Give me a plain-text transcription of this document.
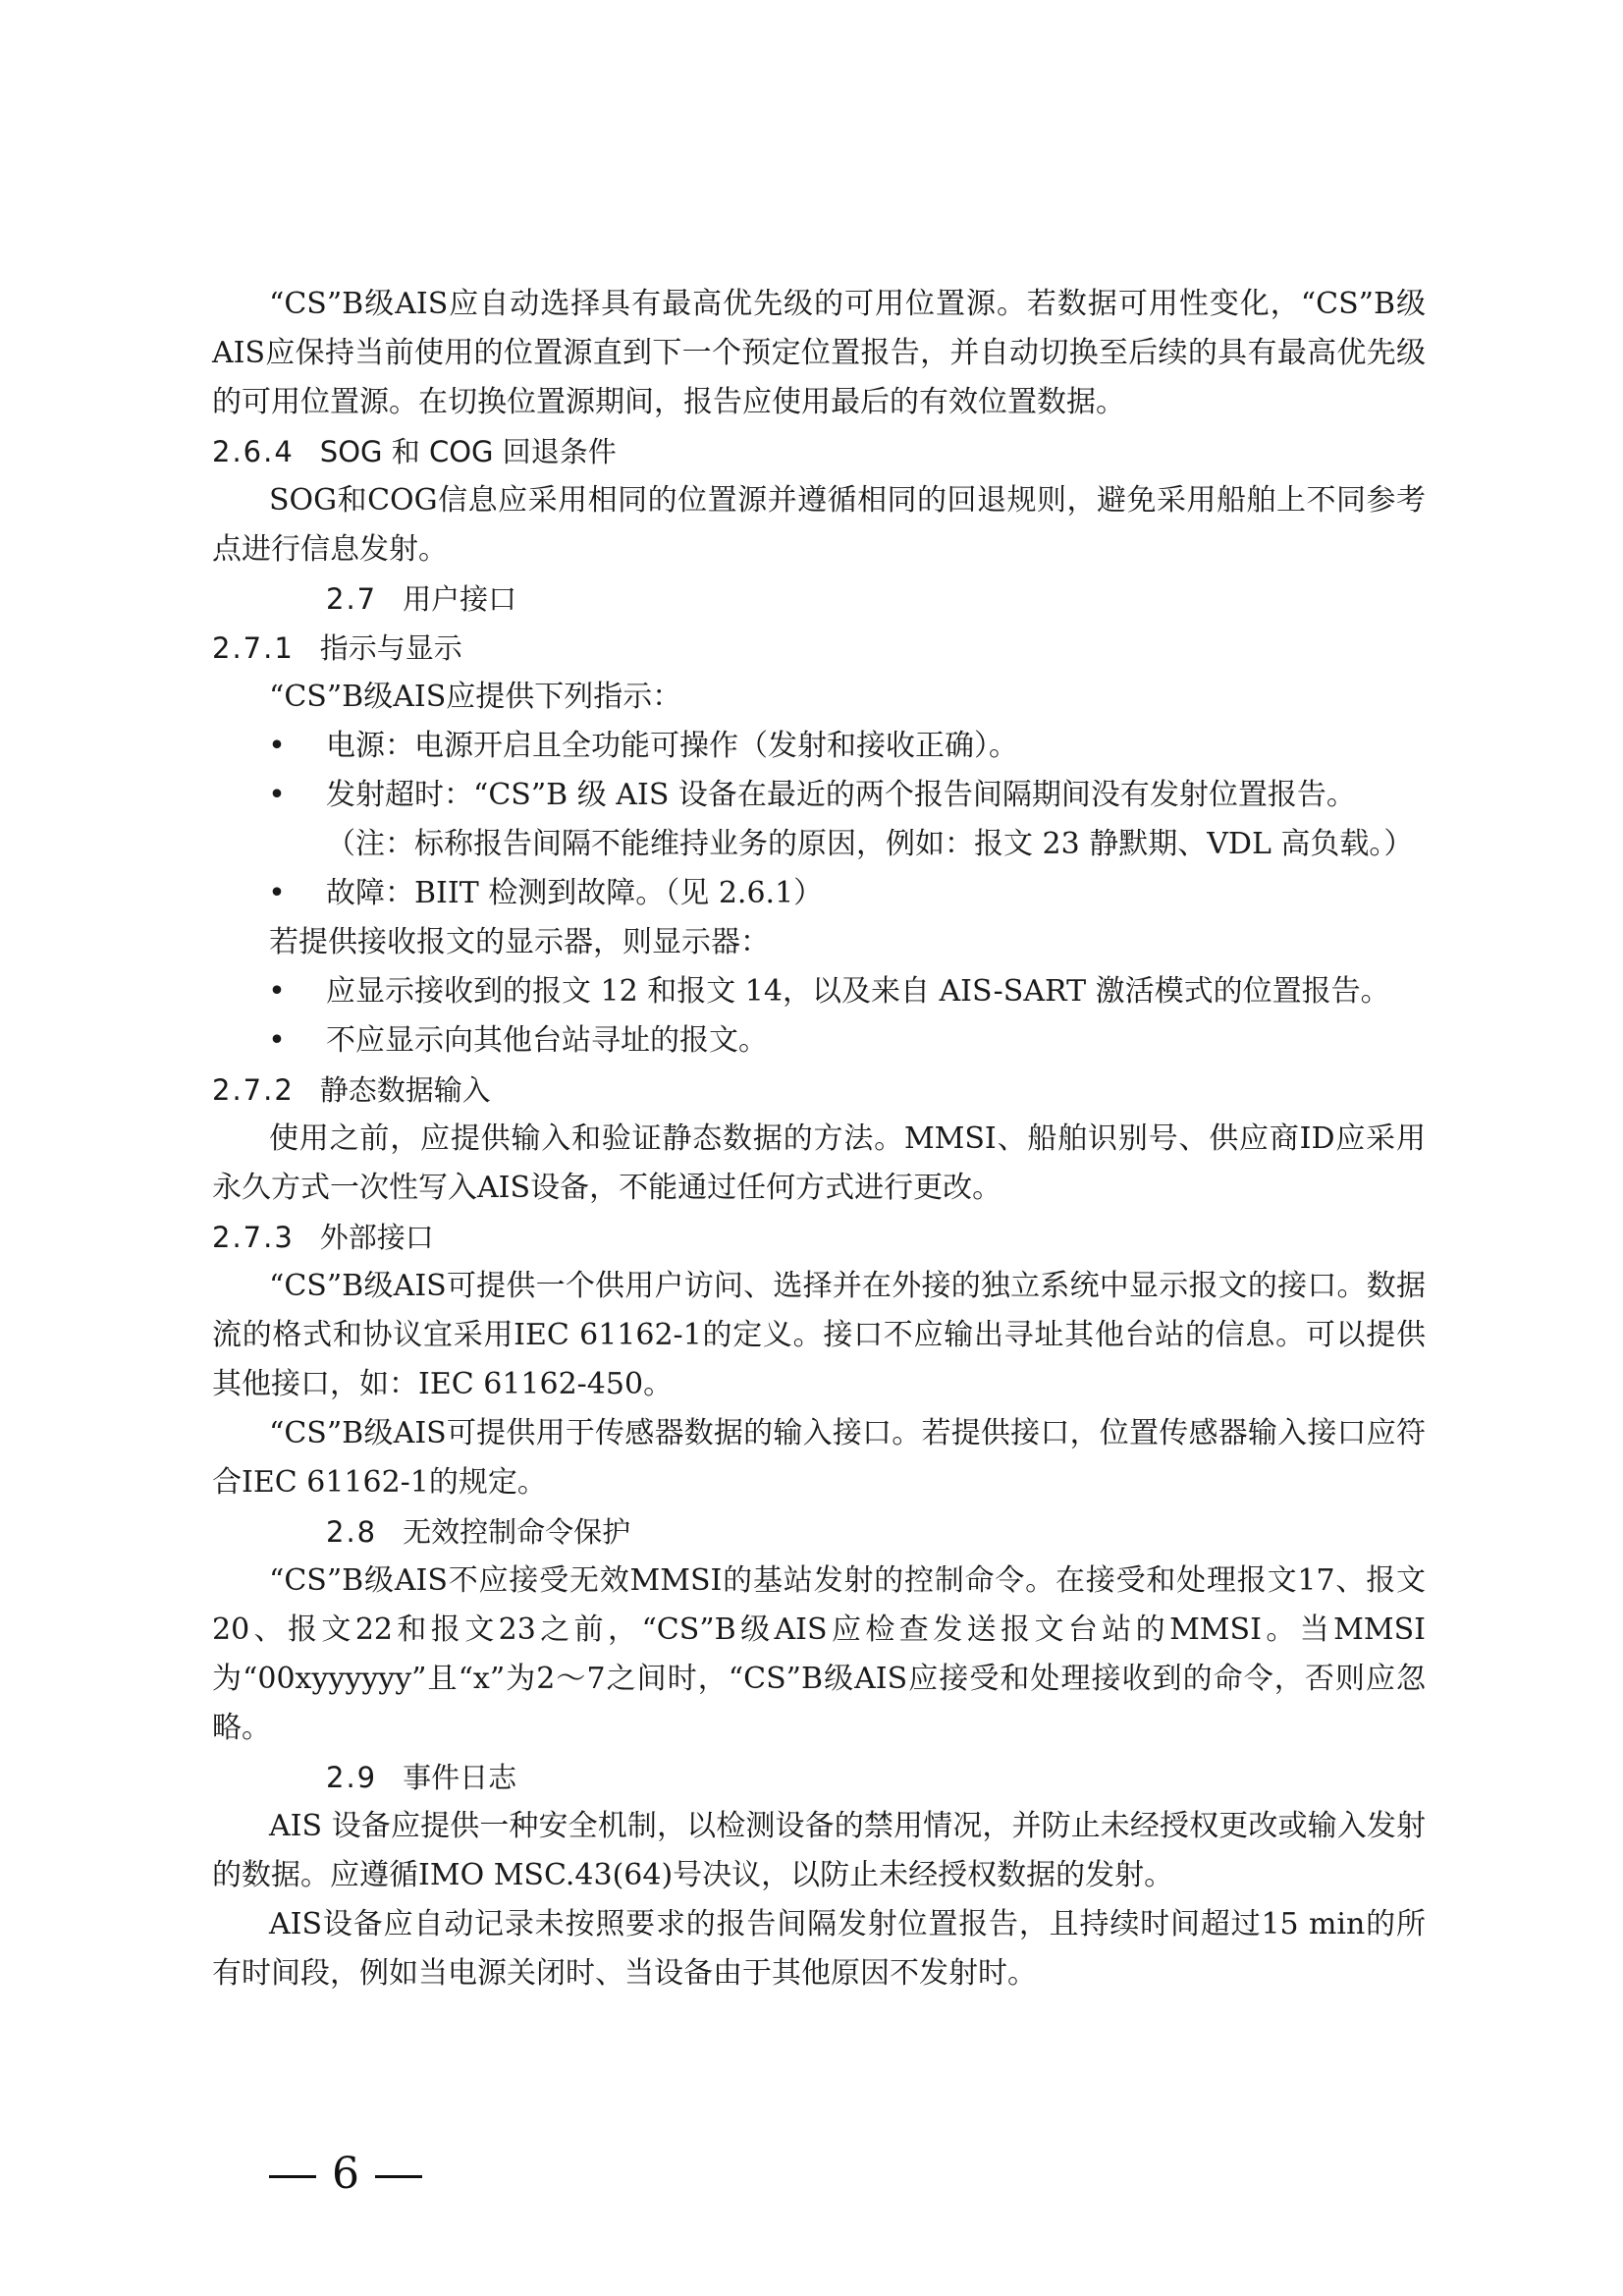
“CS”B级AIS应自动选择具有最高优先级的可用位置源。若数据可用性变化，“CS”B级AIS应保持当前使用的位置源直到下一个预定位置报告，并自动切换至后续的具有最高优先级的可用位置源。在切换位置源期间，报告应使用最后的有效位置数据。

2.6.4 SOG 和 COG 回退条件

SOG和COG信息应采用相同的位置源并遵循相同的回退规则，避免采用船舶上不同参考点进行信息发射。

2.7 用户接口

2.7.1 指示与显示

“CS”B级AIS应提供下列指示：

• 电源：电源开启且全功能可操作（发射和接收正确）。

• 发射超时：“CS”B 级 AIS 设备在最近的两个报告间隔期间没有发射位置报告。

（注：标称报告间隔不能维持业务的原因，例如：报文 23 静默期、VDL 高负载。）

• 故障：BIIT 检测到故障。（见 2.6.1）

若提供接收报文的显示器，则显示器：

• 应显示接收到的报文 12 和报文 14，以及来自 AIS-SART 激活模式的位置报告。

• 不应显示向其他台站寻址的报文。

2.7.2 静态数据输入

使用之前，应提供输入和验证静态数据的方法。MMSI、船舶识别号、供应商ID应采用永久方式一次性写入AIS设备，不能通过任何方式进行更改。

2.7.3 外部接口

“CS”B级AIS可提供一个供用户访问、选择并在外接的独立系统中显示报文的接口。数据流的格式和协议宜采用IEC 61162-1的定义。接口不应输出寻址其他台站的信息。可以提供其他接口，如：IEC 61162-450。

“CS”B级AIS可提供用于传感器数据的输入接口。若提供接口，位置传感器输入接口应符合IEC 61162-1的规定。

2.8 无效控制命令保护

“CS”B级AIS不应接受无效MMSI的基站发射的控制命令。在接受和处理报文17、报文20、报文22和报文23之前，“CS”B级AIS应检查发送报文台站的MMSI。当MMSI为“00xyyyyyy”且“x”为2～7之间时，“CS”B级AIS应接受和处理接收到的命令，否则应忽略。

2.9 事件日志

AIS 设备应提供一种安全机制，以检测设备的禁用情况，并防止未经授权更改或输入发射的数据。应遵循IMO MSC.43(64)号决议，以防止未经授权数据的发射。

AIS设备应自动记录未按照要求的报告间隔发射位置报告，且持续时间超过15 min的所有时间段，例如当电源关闭时、当设备由于其他原因不发射时。

6
